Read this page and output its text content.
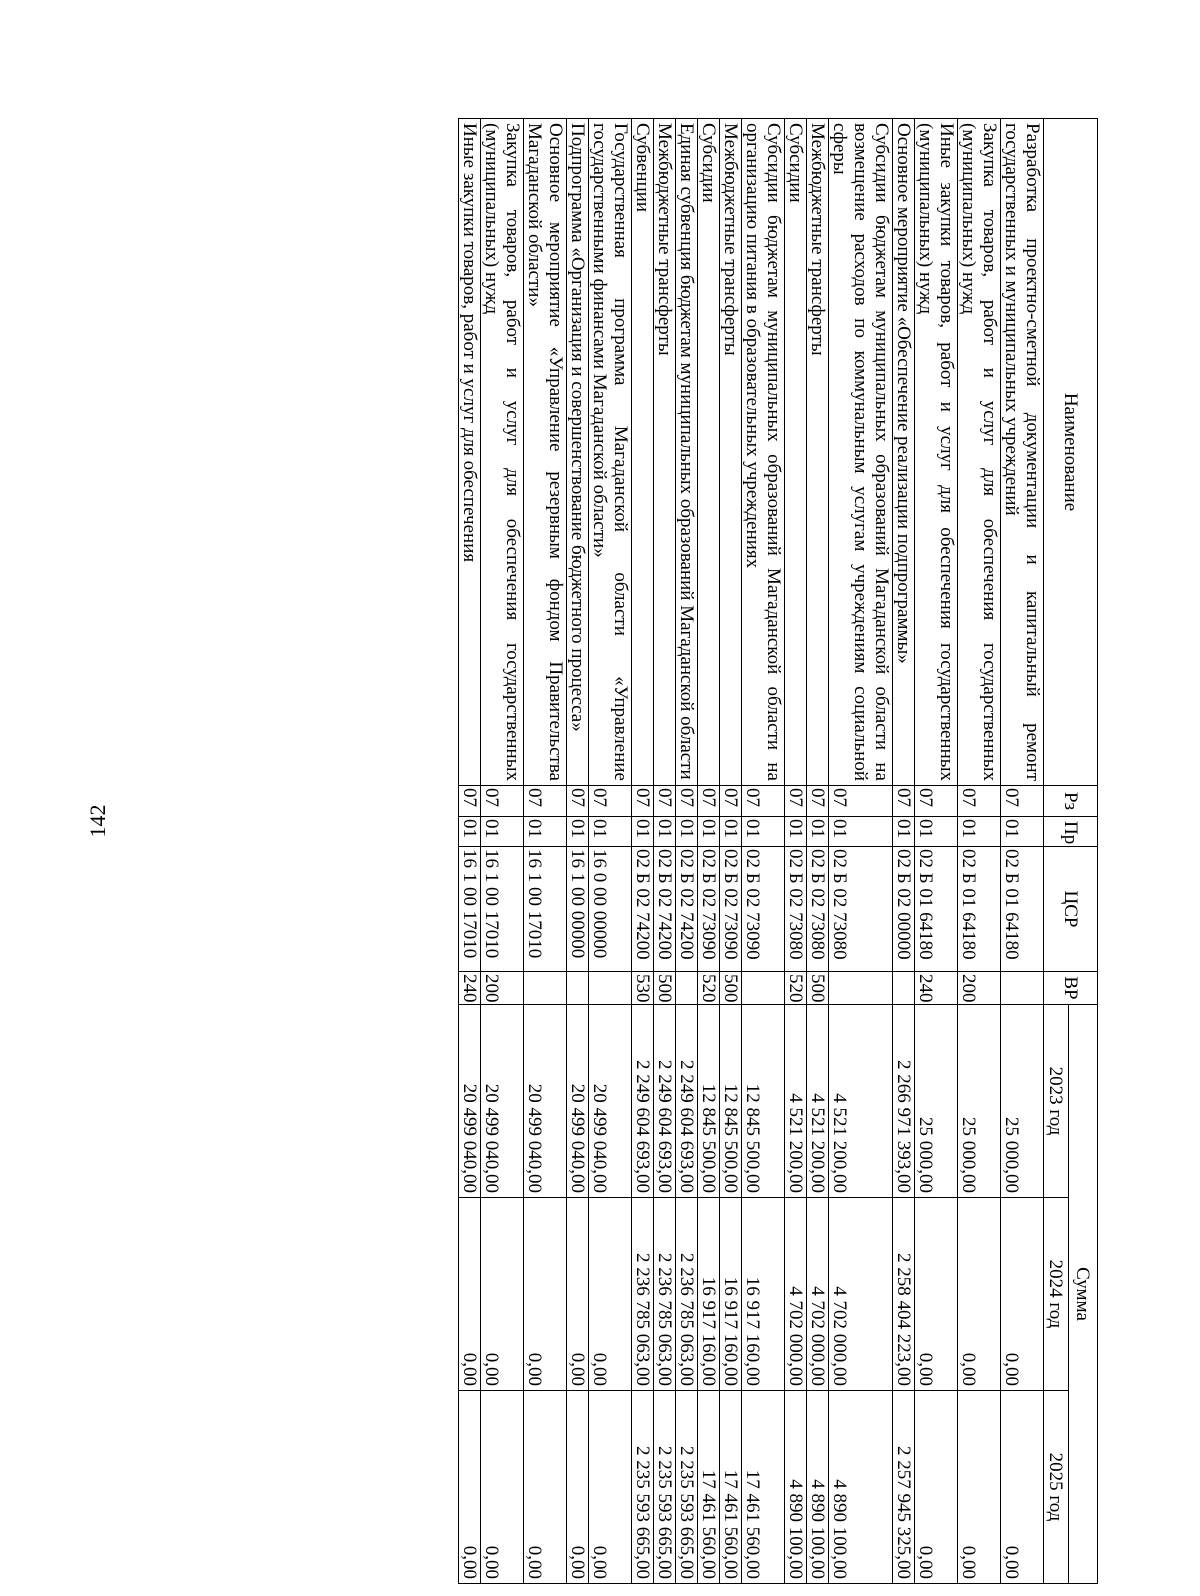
142
Наименование	Рз	Пр	ЦСР	ВР	Сумма		
					2023 год	2024 год	2025 год
Разработка проектно-сметной документации и капитальный ремонт государственных и муниципальных учреждений	07	01	02 Б 01 64180		25 000,00	0,00	0,00
Закупка товаров, работ и услуг для обеспечения государственных (муниципальных) нужд	07	01	02 Б 01 64180	200	25 000,00	0,00	0,00
Иные закупки товаров, работ и услуг для обеспечения государственных (муниципальных) нужд	07	01	02 Б 01 64180	240	25 000,00	0,00	0,00
Основное мероприятие «Обеспечение реализации подпрограммы»	07	01	02 Б 02 00000		2 266 971 393,00	2 258 404 223,00	2 257 945 325,00
Субсидии бюджетам муниципальных образований Магаданской области на возмещение расходов по коммунальным услугам учреждениям социальной сферы	07	01	02 Б 02 73080		4 521 200,00	4 702 000,00	4 890 100,00
Межбюджетные трансферты	07	01	02 Б 02 73080	500	4 521 200,00	4 702 000,00	4 890 100,00
Субсидии	07	01	02 Б 02 73080	520	4 521 200,00	4 702 000,00	4 890 100,00
Субсидии бюджетам муниципальных образований Магаданской области на организацию питания в образовательных учреждениях	07	01	02 Б 02 73090		12 845 500,00	16 917 160,00	17 461 560,00
Межбюджетные трансферты	07	01	02 Б 02 73090	500	12 845 500,00	16 917 160,00	17 461 560,00
Субсидии	07	01	02 Б 02 73090	520	12 845 500,00	16 917 160,00	17 461 560,00
Единая субвенция бюджетам муниципальных образований Магаданской области	07	01	02 Б 02 74200		2 249 604 693,00	2 236 785 063,00	2 235 593 665,00
Межбюджетные трансферты	07	01	02 Б 02 74200	500	2 249 604 693,00	2 236 785 063,00	2 235 593 665,00
Субвенции	07	01	02 Б 02 74200	530	2 249 604 693,00	2 236 785 063,00	2 235 593 665,00
Государственная программа Магаданской области «Управление государственными финансами Магаданской области»	07	01	16 0 00 00000		20 499 040,00	0,00	0,00
Подпрограмма «Организация и совершенствование бюджетного процесса»	07	01	16 1 00 00000		20 499 040,00	0,00	0,00
Основное мероприятие «Управление резервным фондом Правительства Магаданской области»	07	01	16 1 00 17010		20 499 040,00	0,00	0,00
Закупка товаров, работ и услуг для обеспечения государственных (муниципальных) нужд	07	01	16 1 00 17010	200	20 499 040,00	0,00	0,00
Иные закупки товаров, работ и услуг для обеспечения	07	01	16 1 00 17010	240	20 499 040,00	0,00	0,00
